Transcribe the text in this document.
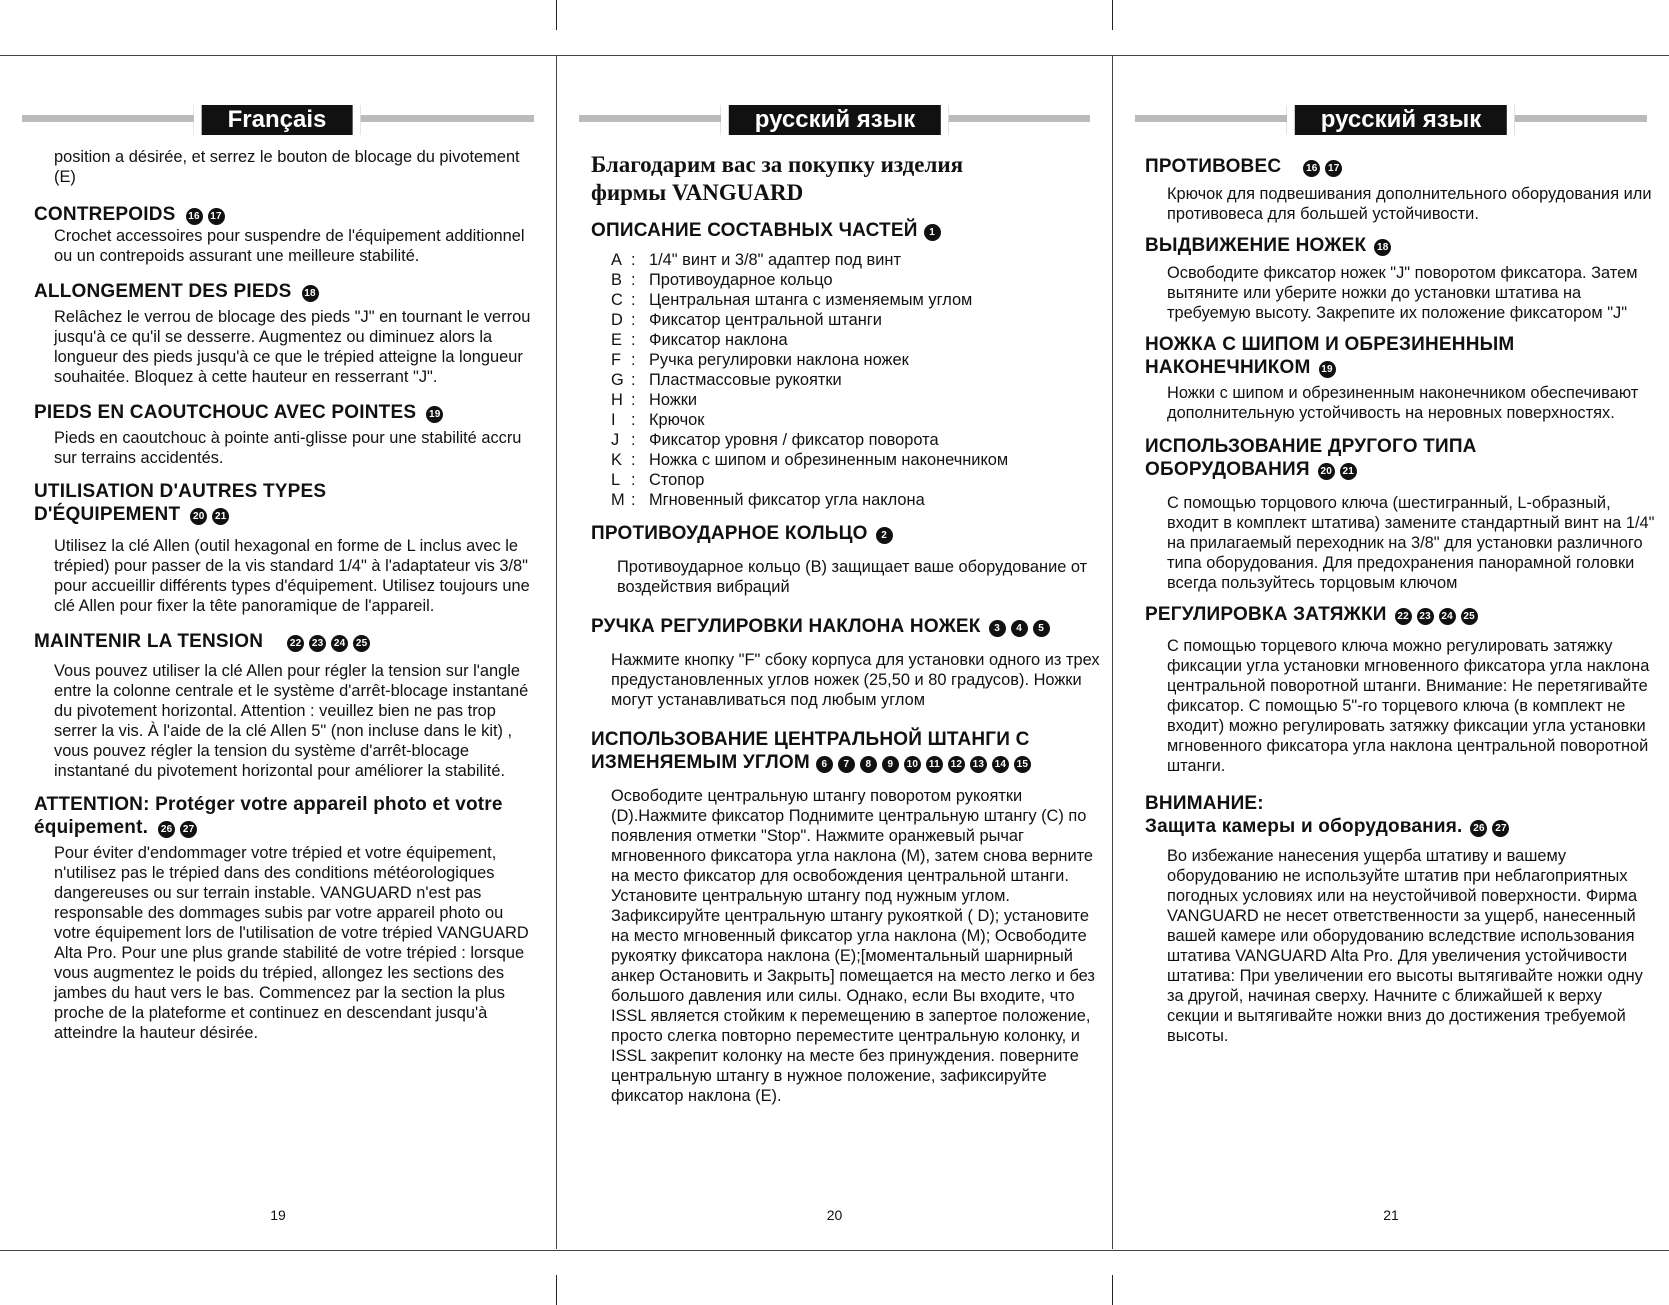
Français

position a désirée, et serrez le bouton de blocage du pivotement (E)

CONTREPOIDS 16 17

Crochet accessoires pour suspendre de l'équipement additionnel ou un contrepoids assurant une meilleure stabilité.

ALLONGEMENT DES PIEDS 18

Relâchez le verrou de blocage des pieds "J" en tournant le verrou jusqu'à ce qu'il se desserre. Augmentez ou diminuez alors la longueur des pieds jusqu'à ce que le trépied atteigne la longueur souhaitée. Bloquez à cette hauteur en resserrant "J".

PIEDS EN CAOUTCHOUC AVEC POINTES 19

Pieds en caoutchouc à pointe anti-glisse pour une stabilité accru sur terrains accidentés.

UTILISATION D'AUTRES TYPES D'ÉQUIPEMENT 20 21

Utilisez la clé Allen (outil hexagonal en forme de L inclus avec le trépied) pour passer de la vis standard 1/4" à l'adaptateur vis 3/8" pour accueillir différents types d'équipement. Utilisez toujours une clé Allen pour fixer la tête panoramique de l'appareil.

MAINTENIR LA TENSION	22 23 24 25

Vous pouvez utiliser la clé Allen pour régler la tension sur l'angle entre la colonne centrale et le système d'arrêt-blocage instantané du pivotement horizontal. Attention : veuillez bien ne pas trop serrer la vis. À l'aide de la clé Allen 5" (non incluse dans le kit) , vous pouvez régler la tension du système d'arrêt-blocage instantané du pivotement horizontal pour améliorer la stabilité.

ATTENTION: Protéger votre appareil photo et votre équipement. 26 27

Pour éviter d'endommager votre trépied et votre équipement, n'utilisez pas le trépied dans des conditions météorologiques dangereuses ou sur terrain instable. VANGUARD n'est pas responsable des dommages subis par votre appareil photo ou votre équipement lors de l'utilisation de votre trépied VANGUARD Alta Pro. Pour une plus grande stabilité de votre trépied : lorsque vous augmentez le poids du trépied, allongez les sections des jambes du haut vers le bas. Commencez par la section la plus proche de la plateforme et continuez en descendant jusqu'à atteindre la hauteur désirée.

19
русский язык
Благодарим вас за покупку изделия фирмы VANGUARD
ОПИСАНИЕ СОСТАВНЫХ ЧАСТЕЙ 1
A : 1/4" винт и 3/8" адаптер под винт
B : Противоударное кольцо
C : Центральная штанга с изменяемым углом
D : Фиксатор центральной штанги
E : Фиксатор наклона
F : Ручка регулировки наклона ножек
G : Пластмассовые рукоятки
H : Ножки
I : Крючок
J : Фиксатор уровня / фиксатор поворота
K : Ножка с шипом и обрезиненным наконечником
L : Стопор
M : Мгновенный фиксатор угла наклона
ПРОТИВОУДАРНОЕ КОЛЬЦО 2

Противоударное кольцо (B) защищает ваше оборудование от воздействия вибраций

РУЧКА РЕГУЛИРОВКИ НАКЛОНА НОЖЕК 3 4 5

Нажмите кнопку "F" сбоку корпуса для установки одного из трех предустановленных углов ножек (25,50 и 80 градусов). Ножки могут устанавливаться под любым углом

ИСПОЛЬЗОВАНИЕ ЦЕНТРАЛЬНОЙ ШТАНГИ С ИЗМЕНЯЕМЫМ УГЛОМ 6 7 8 9 10 11 12 13 14 15

Освободите центральную штангу поворотом рукоятки (D).Нажмите фиксатор Поднимите центральную штангу (C) по появления отметки "Stop". Нажмите оранжевый рычаг мгновенного фиксатора угла наклона (M), затем снова верните на место фиксатор для освобождения центральной штанги. Установите центральную штангу под нужным углом. Зафиксируйте центральную штангу рукояткой ( D); установите на место мгновенный фиксатор угла наклона (M); Освободите рукоятку фиксатора наклона (E);[моментальный шарнирный анкер Остановить и Закрыть] помещается на место легко и без большого давления или силы. Однако, если Вы входите, что ISSL является стойким к перемещению в запертое положение, просто слегка повторно переместите центральную колонку, и ISSL закрепит колонку на месте без принуждения. поверните центральную штангу в нужное положение, зафиксируйте фиксатор наклона (E).

20
русский язык
ПРОТИВОВЕС 16 17

Крючок для подвешивания дополнительного оборудования или противовеса для большей устойчивости.

ВЫДВИЖЕНИЕ НОЖЕК 18

Освободите фиксатор ножек "J" поворотом фиксатора. Затем вытяните или уберите ножки до установки штатива на требуемую высоту. Закрепите их положение фиксатором "J"

НОЖКА С ШИПОМ И ОБРЕЗИНЕННЫМ НАКОНЕЧНИКОМ 19

Ножки с шипом и обрезиненным наконечником обеспечивают дополнительную устойчивость на неровных поверхностях.

ИСПОЛЬЗОВАНИЕ ДРУГОГО ТИПА ОБОРУДОВАНИЯ 20 21

С помощью торцового ключа (шестигранный, L-образный, входит в комплект штатива) замените стандартный винт на 1/4" на прилагаемый переходник на 3/8" для установки различного типа оборудования. Для предохранения панорамной головки всегда пользуйтесь торцовым ключом

РЕГУЛИРОВКА ЗАТЯЖКИ 22 23 24 25

С помощью торцевого ключа можно регулировать затяжку фиксации угла установки мгновенного фиксатора угла наклона центральной поворотной штанги. Внимание: Не перетягивайте фиксатор. С помощью 5"-го торцевого ключа (в комплект не входит) можно регулировать затяжку фиксации угла установки мгновенного фиксатора угла наклона центральной поворотной штанги.

ВНИМАНИЕ:
Защита камеры и оборудования. 26 27

Во избежание нанесения ущерба штативу и вашему оборудованию не используйте штатив при неблагоприятных погодных условиях или на неустойчивой поверхности. Фирма VANGUARD не несет ответственности за ущерб, нанесенный вашей камере или оборудованию вследствие использования штатива VANGUARD Alta Pro. Для увеличения устойчивости штатива: При увеличении его высоты вытягивайте ножки одну за другой, начиная сверху. Начните с ближайшей к верху секции и вытягивайте ножки вниз до достижения требуемой высоты.

21
